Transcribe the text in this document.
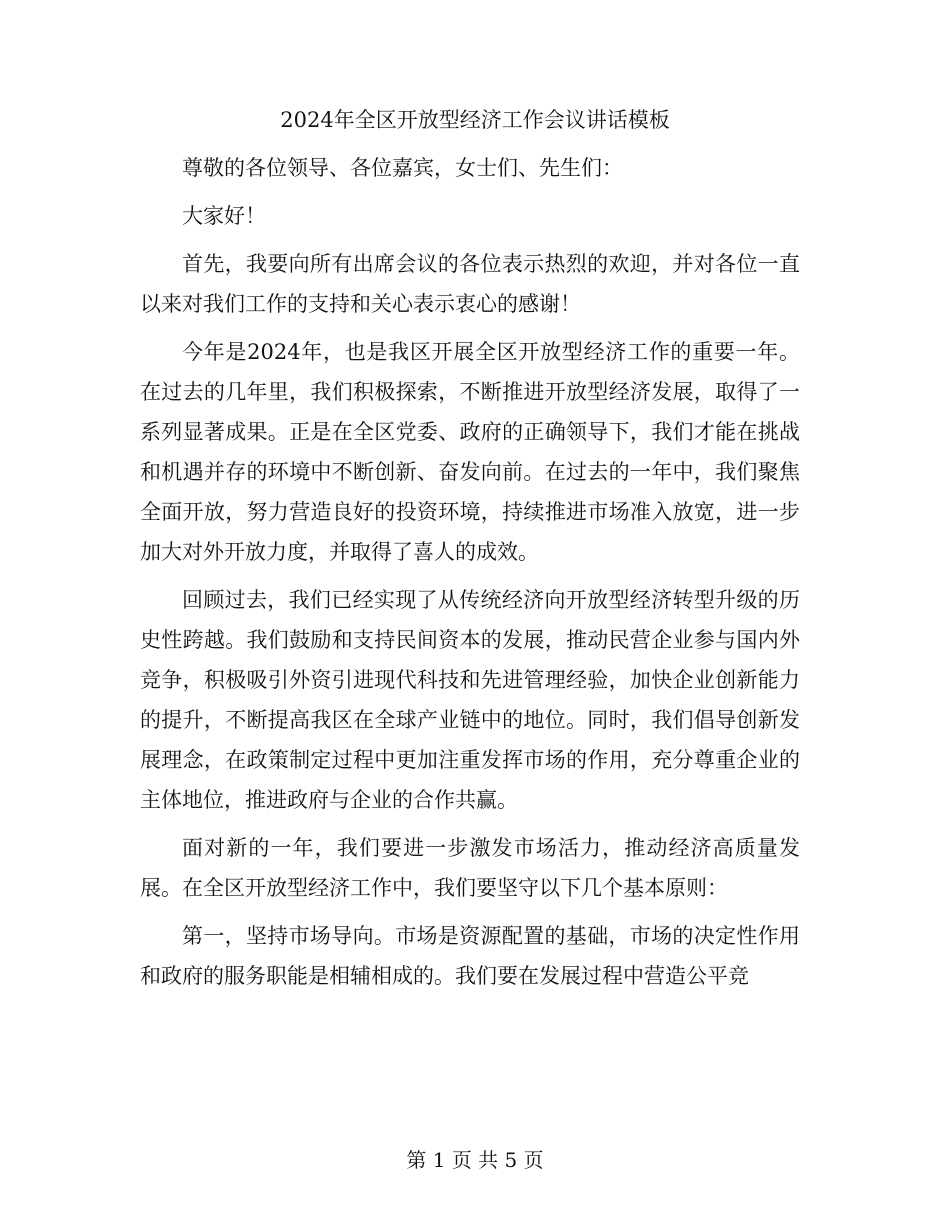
2024年全区开放型经济工作会议讲话模板

尊敬的各位领导、各位嘉宾，女士们、先生们：

大家好！

首先，我要向所有出席会议的各位表示热烈的欢迎，并对各位一直以来对我们工作的支持和关心表示衷心的感谢！

今年是2024年，也是我区开展全区开放型经济工作的重要一年。在过去的几年里，我们积极探索，不断推进开放型经济发展，取得了一系列显著成果。正是在全区党委、政府的正确领导下，我们才能在挑战和机遇并存的环境中不断创新、奋发向前。在过去的一年中，我们聚焦全面开放，努力营造良好的投资环境，持续推进市场准入放宽，进一步加大对外开放力度，并取得了喜人的成效。

回顾过去，我们已经实现了从传统经济向开放型经济转型升级的历史性跨越。我们鼓励和支持民间资本的发展，推动民营企业参与国内外竞争，积极吸引外资引进现代科技和先进管理经验，加快企业创新能力的提升，不断提高我区在全球产业链中的地位。同时，我们倡导创新发展理念，在政策制定过程中更加注重发挥市场的作用，充分尊重企业的主体地位，推进政府与企业的合作共赢。

面对新的一年，我们要进一步激发市场活力，推动经济高质量发展。在全区开放型经济工作中，我们要坚守以下几个基本原则：

第一，坚持市场导向。市场是资源配置的基础，市场的决定性作用和政府的服务职能是相辅相成的。我们要在发展过程中营造公平竞

第 1 页 共 5 页
